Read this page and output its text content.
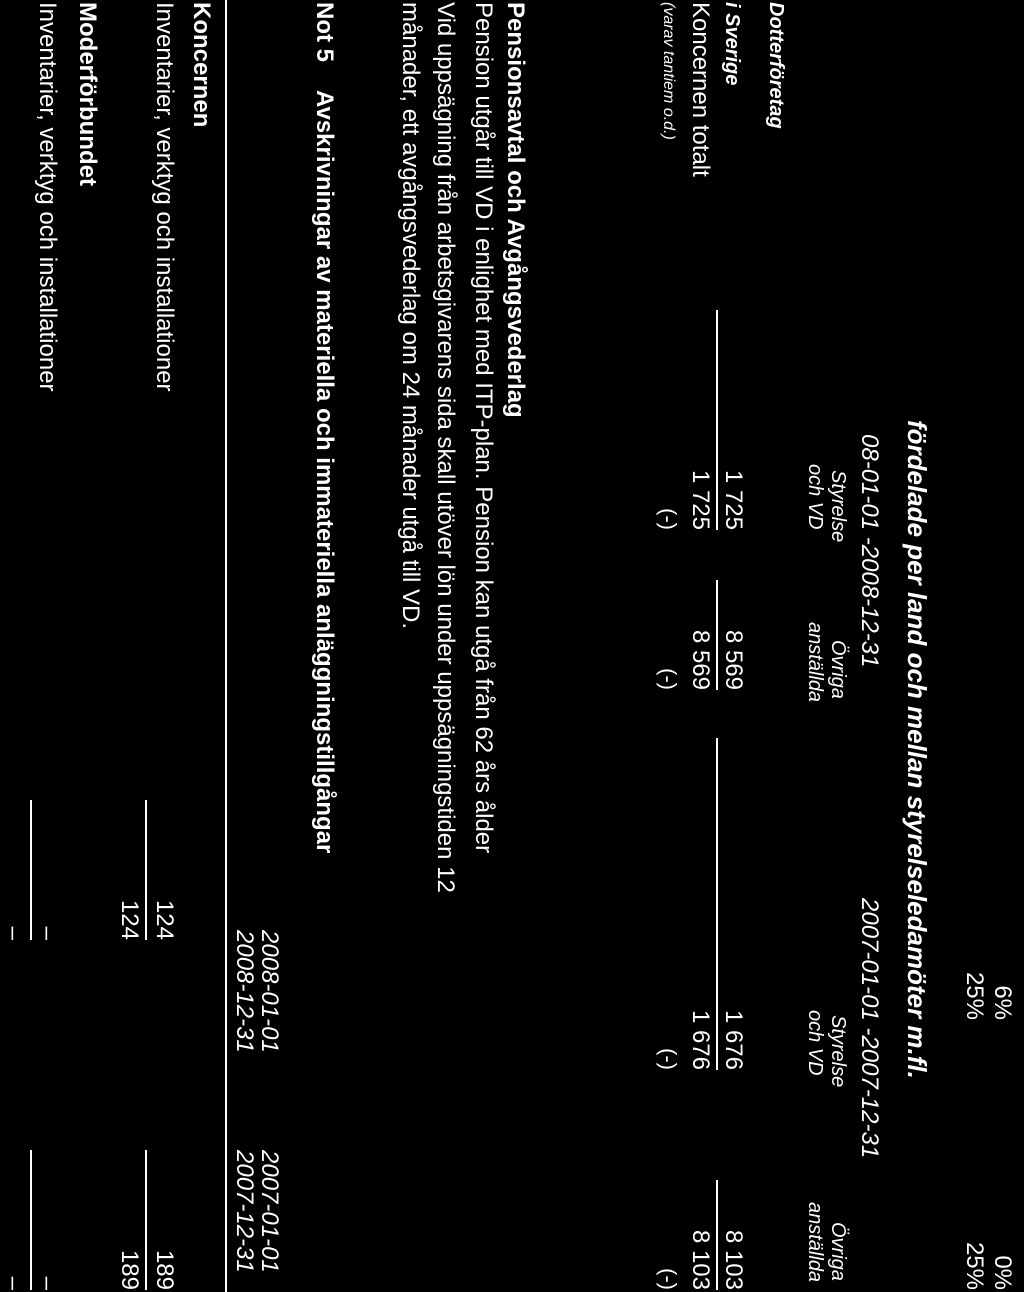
6%
0%
25%
25%
fördelade per land och mellan styrelseledamöter m.fl.
08-01-01 -2008-12-31
2007-01-01 -2007-12-31
Styrelse
och VD
Övriga
anställda
Styrelse
och VD
Övriga
anställda
Dotterföretag
i Sverige
1 725
8 569
1 676
8 103
Koncernen totalt
1 725
8 569
1 676
8 103
(varav tantiem o.d.)
(-)
(-)
(-)
(-)
Pensionsavtal och Avgångsvederlag
Pension utgår till VD i enlighet med ITP-plan. Pension kan utgå från 62 års ålder
Vid uppsägning från arbetsgivarens sida skall utöver lön under uppsägningstiden 12
månader, ett avgångsvederlag om 24 månader utgå till VD.
Not 5
Avskrivningar av materiella och immateriella anläggningstillgångar
2008-01-01
2007-01-01
2008-12-31
2007-12-31
Koncernen
Inventarier, verktyg och installationer
124
189
124
189
Moderförbundet
Inventarier, verktyg och installationer
–
–
–
–
